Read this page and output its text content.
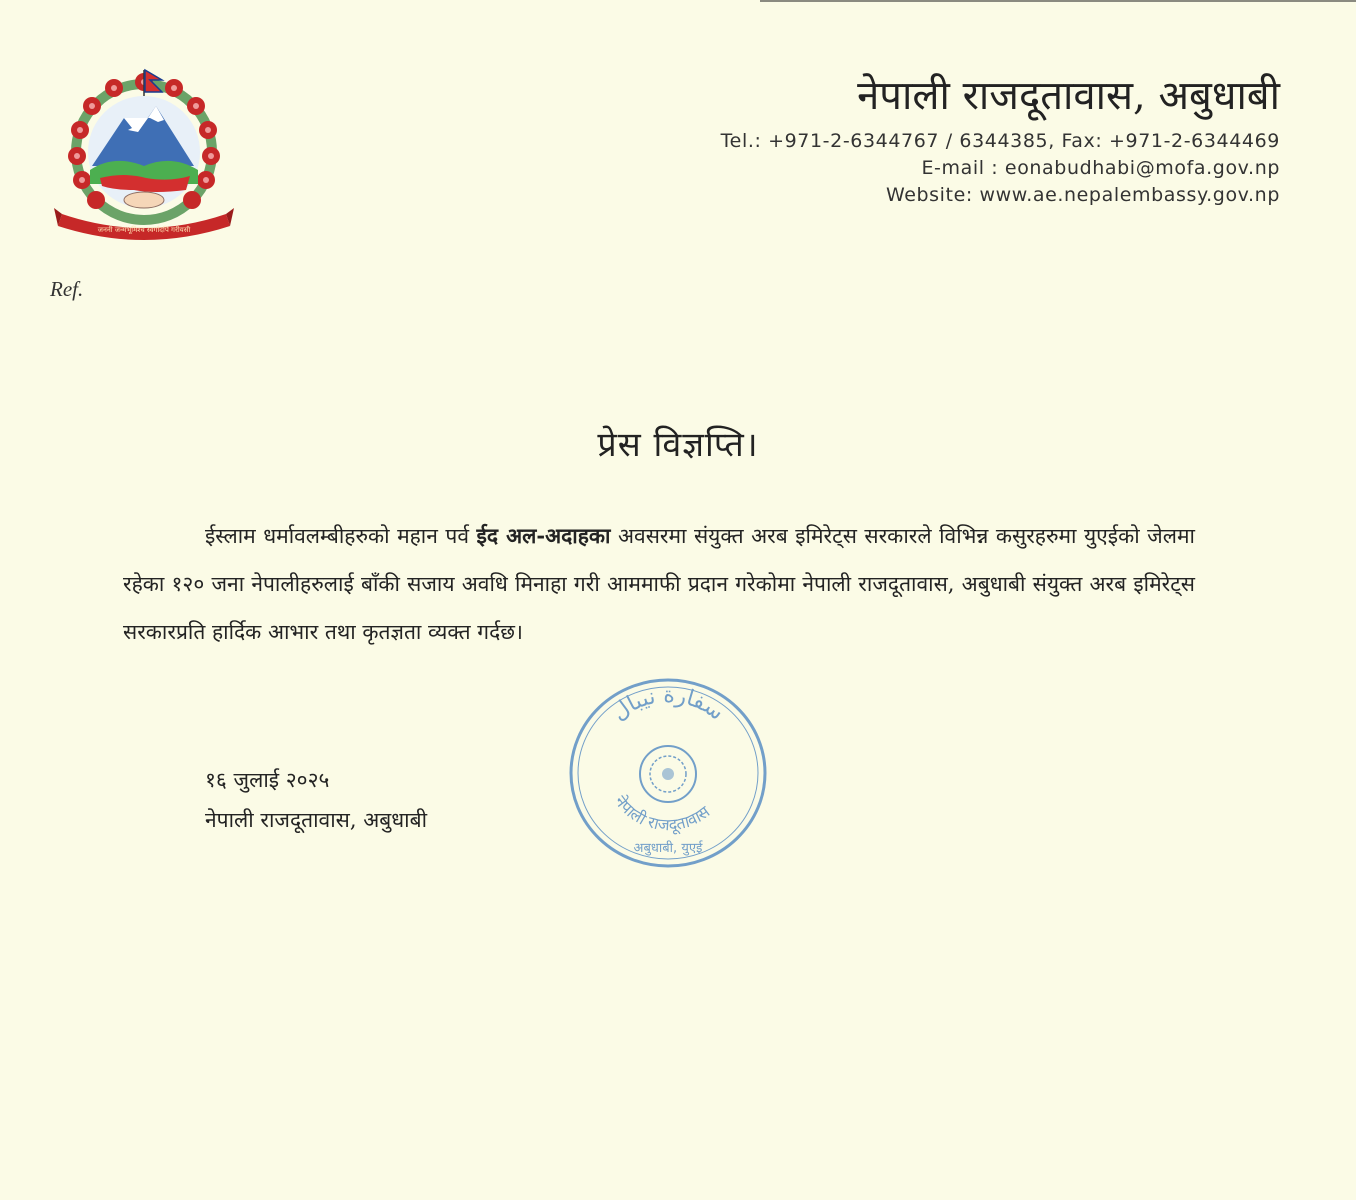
जननी जन्मभूमिश्च स्वर्गादपि गरीयसी
नेपाली राजदूतावास, अबुधाबी
Tel.: +971-2-6344767 / 6344385, Fax: +971-2-6344469
E-mail : eonabudhabi@mofa.gov.np
Website: www.ae.nepalembassy.gov.np
Ref.
प्रेस विज्ञप्ति।
ईस्लाम धर्मावलम्बीहरुको महान पर्व ईद अल-अदाहका अवसरमा संयुक्त अरब इमिरेट्स सरकारले विभिन्न कसुरहरुमा युएईको जेलमा रहेका १२० जना नेपालीहरुलाई बाँकी सजाय अवधि मिनाहा गरी आममाफी प्रदान गरेकोमा नेपाली राजदूतावास, अबुधाबी संयुक्त अरब इमिरेट्स सरकारप्रति हार्दिक आभार तथा कृतज्ञता व्यक्त गर्दछ।
१६ जुलाई २०२५
नेपाली राजदूतावास, अबुधाबी
سفارة نيبال
नेपाली राजदूतावास
अबुधाबी, युएई
